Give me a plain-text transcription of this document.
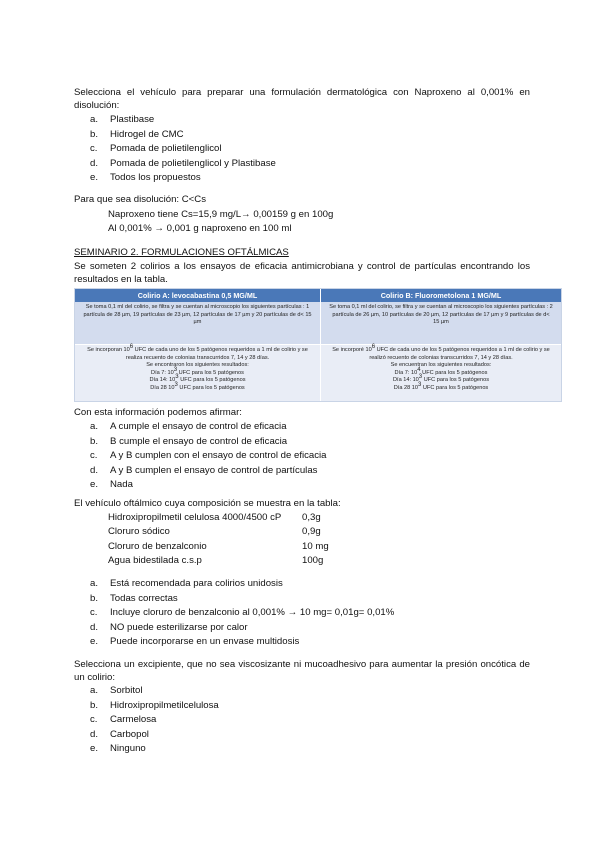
Selecciona el vehículo para preparar una formulación dermatológica con Naproxeno al 0,001% en disolución:
a.	Plastibase
b.	Hidrogel de CMC
c.	Pomada de polietilenglicol
d.	Pomada de polietilenglicol y Plastibase
e.	Todos los propuestos
Para que sea disolución: C<Cs
Naproxeno tiene Cs=15,9 mg/L→ 0,00159 g en 100g
Al 0,001% → 0,001 g naproxeno en 100 ml
SEMINARIO 2. FORMULACIONES OFTÁLMICAS
Se someten 2 colirios a los ensayos de eficacia antimicrobiana y control de partículas encontrando los resultados en la tabla.
Colirio A: levocabastina 0,5 MG/ML	Colirio B: Fluorometolona 1 MG/ML
Se toma 0,1 ml del colirio, se filtra y se cuentan al microscopio los siguientes partículas : 1 partícula de 28 µm, 19 partículas de 23 µm, 12 partículas de 17 µm y 20 partículas de d< 15 µm
Se toma 0,1 ml del colirio, se filtra y se cuentan al microscopio los siguientes partículas : 2 partícula de 26 µm, 10 partículas de 20 µm, 12 partículas de 17 µm y 9 partículas de d< 15 µm
Se incorporan $10^6$ UFC de cada uno de los 5 patógenos requeridos a 1 ml de colirio y se realiza recuento de colonias transcurridos 7, 14 y 28 días.
Se encontraron los siguientes resultados:
Día 7: $10^3$ UFC para los 5 patógenos
Día 14: $10^3$ UFC para los 5 patógenos
Día 28 $10^3$ UFC para los 5 patógenos
Se incorporé $10^6$ UFC de cada uno de los 5 patógenos requeridos a 1 ml de colirio y se realizó recuento de colonias transcurridos 7, 14 y 28 días.
Se encuentran los siguientes resultados:
Día 7: $10^4$ UFC para los 5 patógenos
Día 14: $10^3$ UFC para los 5 patógenos
Día 28 $10^3$ UFC para los 5 patógenos
Con esta información podemos afirmar:
a.	A cumple el ensayo de control de eficacia
b.	B cumple el ensayo de control de eficacia
c.	A y B cumplen con el ensayo de control de eficacia
d.	A y B cumplen el ensayo de control de partículas
e.	Nada
El vehículo oftálmico cuya composición se muestra en la tabla:
Hidroxipropilmetil celulosa 4000/4500 cP 0,3g
Cloruro sódico	0,9g
Cloruro de benzalconio	10 mg
Agua bidestilada c.s.p	100g
a.	Está recomendada para colirios unidosis
b.	Todas correctas
c.	Incluye cloruro de benzalconio al 0,001% → 10 mg= 0,01g= 0,01%
d.	NO puede esterilizarse por calor
e.	Puede incorporarse en un envase multidosis
Selecciona un excipiente, que no sea viscosizante ni mucoadhesivo para aumentar la presión oncótica de un colirio:
a.	Sorbitol
b.	Hidroxipropilmetilcelulosa
c.	Carmelosa
d.	Carbopol
e.	Ninguno
